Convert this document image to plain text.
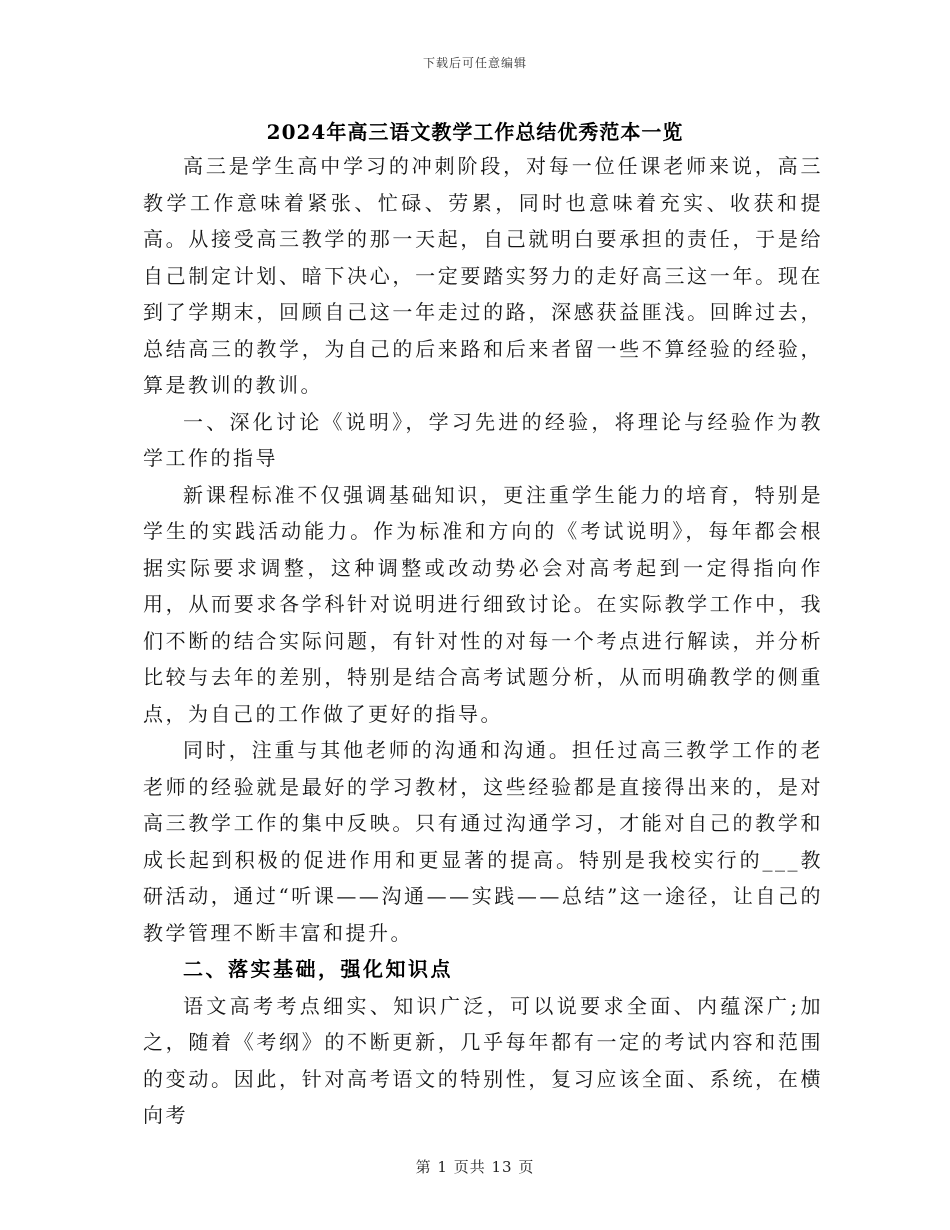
下载后可任意编辑
2024年高三语文教学工作总结优秀范本一览

高三是学生高中学习的冲刺阶段，对每一位任课老师来说，高三教学工作意味着紧张、忙碌、劳累，同时也意味着充实、收获和提高。从接受高三教学的那一天起，自己就明白要承担的责任，于是给自己制定计划、暗下决心，一定要踏实努力的走好高三这一年。现在到了学期末，回顾自己这一年走过的路，深感获益匪浅。回眸过去，总结高三的教学，为自己的后来路和后来者留一些不算经验的经验，算是教训的教训。

一、深化讨论《说明》，学习先进的经验，将理论与经验作为教学工作的指导

新课程标准不仅强调基础知识，更注重学生能力的培育，特别是学生的实践活动能力。作为标准和方向的《考试说明》，每年都会根据实际要求调整，这种调整或改动势必会对高考起到一定得指向作用，从而要求各学科针对说明进行细致讨论。在实际教学工作中，我们不断的结合实际问题，有针对性的对每一个考点进行解读，并分析比较与去年的差别，特别是结合高考试题分析，从而明确教学的侧重点，为自己的工作做了更好的指导。

同时，注重与其他老师的沟通和沟通。担任过高三教学工作的老老师的经验就是最好的学习教材，这些经验都是直接得出来的，是对高三教学工作的集中反映。只有通过沟通学习，才能对自己的教学和成长起到积极的促进作用和更显著的提高。特别是我校实行的___教研活动，通过“听课——沟通——实践——总结”这一途径，让自己的教学管理不断丰富和提升。

二、落实基础，强化知识点

语文高考考点细实、知识广泛，可以说要求全面、内蕴深广;加之，随着《考纲》的不断更新，几乎每年都有一定的考试内容和范围的变动。因此，针对高考语文的特别性，复习应该全面、系统，在横向考

第 1 页共 13 页
